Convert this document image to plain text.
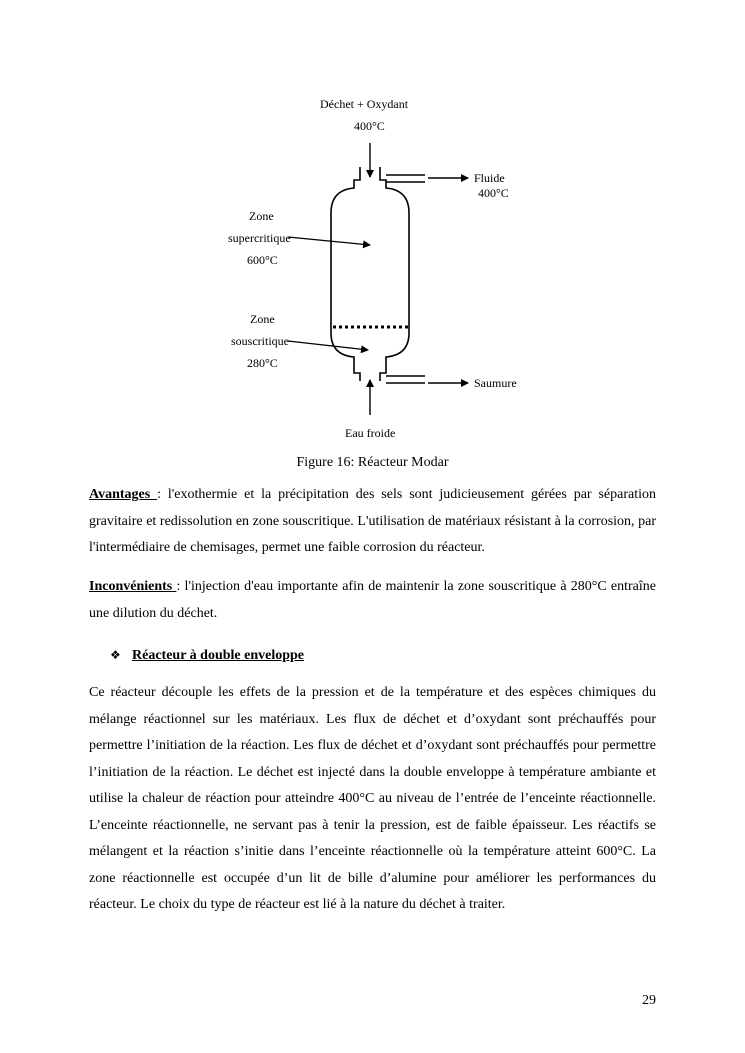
Déchet + Oxydant
400°C
Fluide
400°C
Zone
supercritique
600°C
Zone
souscritique
280°C
Saumure
Eau froide
Figure 16: Réacteur Modar

Avantages : l'exothermie et la précipitation des sels sont judicieusement gérées par séparation gravitaire et redissolution en zone souscritique. L'utilisation de matériaux résistant à la corrosion, par l'intermédiaire de chemisages, permet une faible corrosion du réacteur.

Inconvénients : l'injection d'eau importante afin de maintenir la zone souscritique à 280°C entraîne une dilution du déchet.

❖ Réacteur à double enveloppe

Ce réacteur découple les effets de la pression et de la température et des espèces chimiques du mélange réactionnel sur les matériaux. Les flux de déchet et d’oxydant sont préchauffés pour permettre l’initiation de la réaction. Les flux de déchet et d’oxydant sont préchauffés pour permettre l’initiation de la réaction. Le déchet est injecté dans la double enveloppe à température ambiante et utilise la chaleur de réaction pour atteindre 400°C au niveau de l’entrée de l’enceinte réactionnelle. L’enceinte réactionnelle, ne servant pas à tenir la pression, est de faible épaisseur. Les réactifs se mélangent et la réaction s’initie dans l’enceinte réactionnelle où la température atteint 600°C. La zone réactionnelle est occupée d’un lit de bille d’alumine pour améliorer les performances du réacteur. Le choix du type de réacteur est lié à la nature du déchet à traiter.

29
